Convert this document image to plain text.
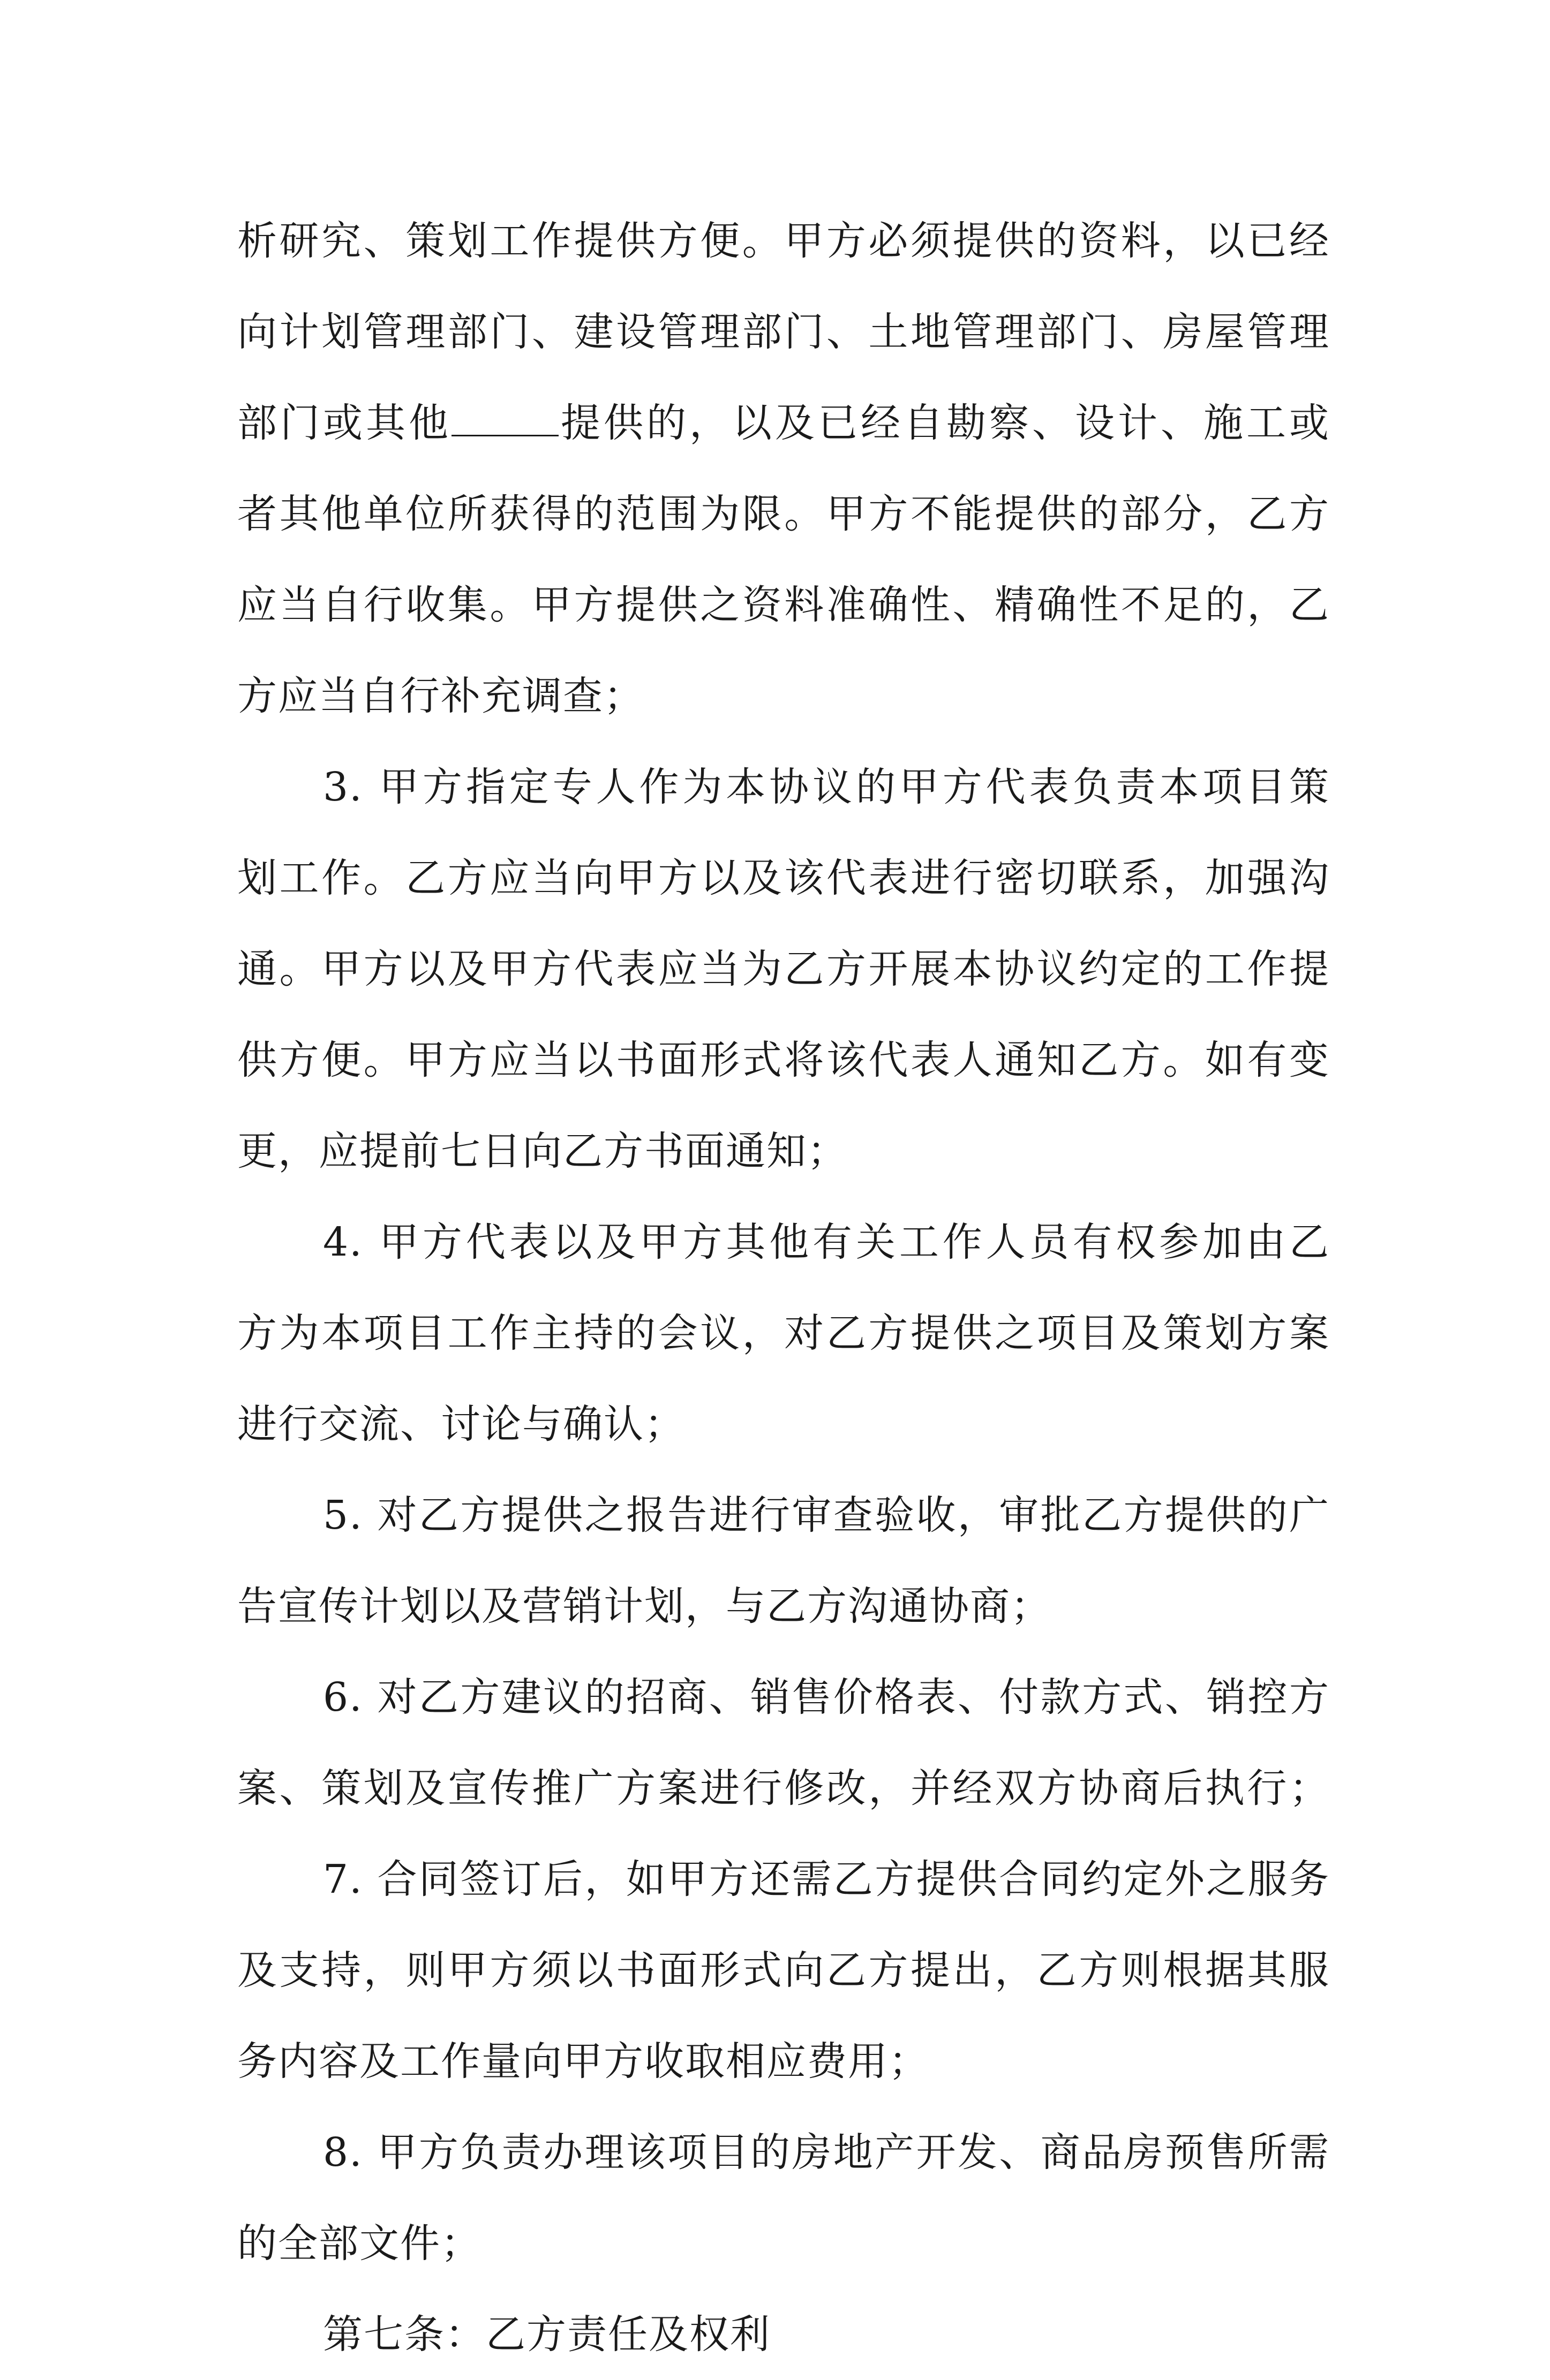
析研究、策划工作提供方便。甲方必须提供的资料，以已经
向计划管理部门、建设管理部门、土地管理部门、房屋管理
部门或其他	提供的，以及已经自勘察、设计、施工或
者其他单位所获得的范围为限。甲方不能提供的部分，乙方
应当自行收集。甲方提供之资料准确性、精确性不足的，乙
方应当自行补充调查；
3. 甲方指定专人作为本协议的甲方代表负责本项目策
划工作。乙方应当向甲方以及该代表进行密切联系，加强沟
通。甲方以及甲方代表应当为乙方开展本协议约定的工作提
供方便。甲方应当以书面形式将该代表人通知乙方。如有变
更，应提前七日向乙方书面通知；
4. 甲方代表以及甲方其他有关工作人员有权参加由乙
方为本项目工作主持的会议，对乙方提供之项目及策划方案
进行交流、讨论与确认；
5. 对乙方提供之报告进行审查验收，审批乙方提供的广
告宣传计划以及营销计划，与乙方沟通协商；
6. 对乙方建议的招商、销售价格表、付款方式、销控方
案、策划及宣传推广方案进行修改，并经双方协商后执行；
7. 合同签订后，如甲方还需乙方提供合同约定外之服务
及支持，则甲方须以书面形式向乙方提出，乙方则根据其服
务内容及工作量向甲方收取相应费用；
8. 甲方负责办理该项目的房地产开发、商品房预售所需
的全部文件；
第七条：乙方责任及权利
